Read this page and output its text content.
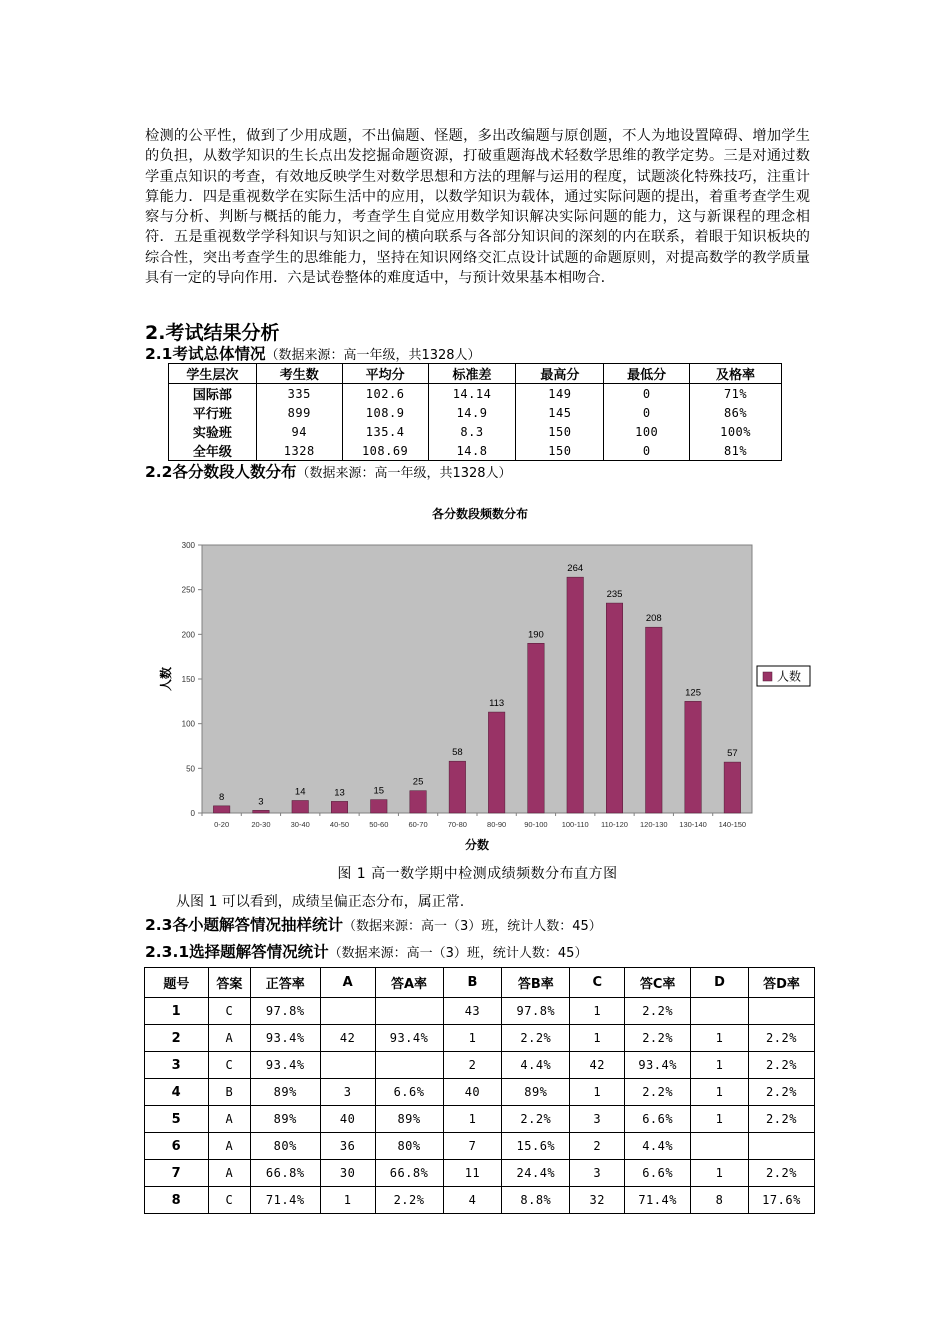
检测的公平性，做到了少用成题，不出偏题、怪题，多出改编题与原创题，不人为地设置障碍、增加学生的负担，从数学知识的生长点出发挖掘命题资源，打破重题海战术轻数学思维的教学定势。三是对通过数学重点知识的考查，有效地反映学生对数学思想和方法的理解与运用的程度，试题淡化特殊技巧，注重计算能力．四是重视数学在实际生活中的应用，以数学知识为载体，通过实际问题的提出，着重考查学生观察与分析、判断与概括的能力，考查学生自觉应用数学知识解决实际问题的能力，这与新课程的理念相符．五是重视数学学科知识与知识之间的横向联系与各部分知识间的深刻的内在联系，着眼于知识板块的综合性，突出考查学生的思维能力，坚持在知识网络交汇点设计试题的命题原则，对提高数学的教学质量具有一定的导向作用．六是试卷整体的难度适中，与预计效果基本相吻合.

2.考试结果分析
2.1考试总体情况（数据来源：高一年级，共1328人）
学生层次	考生数	平均分	标准差	最高分	最低分	及格率
国际部	335	102.6	14.14	149	0	71%
平行班	899	108.9	14.9	145	0	86%
实验班	94	135.4	8.3	150	100	100%
全年级	1328	108.69	14.8	150	0	81%
2.2各分数段人数分布（数据来源：高一年级，共1328人）
各分数段频数分布
0
50
100
150
200
250
300
8
0-20
3
20-30
14
30-40
13
40-50
15
50-60
25
60-70
58
70-80
113
80-90
190
90-100
264
100-110
235
110-120
208
120-130
125
130-140
57
140-150
分数
人数	人数
图 1 高一数学期中检测成绩频数分布直方图
从图 1 可以看到，成绩呈偏正态分布，属正常.
2.3各小题解答情况抽样统计（数据来源：高一（3）班，统计人数：45）
2.3.1选择题解答情况统计（数据来源：高一（3）班，统计人数：45）
题号	答案	正答率	A	答A率	B	答B率	C	答C率	D	答D率
1	C	97.8%			43	97.8%	1	2.2%		
2	A	93.4%	42	93.4%	1	2.2%	1	2.2%	1	2.2%
3	C	93.4%			2	4.4%	42	93.4%	1	2.2%
4	B	89%	3	6.6%	40	89%	1	2.2%	1	2.2%
5	A	89%	40	89%	1	2.2%	3	6.6%	1	2.2%
6	A	80%	36	80%	7	15.6%	2	4.4%		
7	A	66.8%	30	66.8%	11	24.4%	3	6.6%	1	2.2%
8	C	71.4%	1	2.2%	4	8.8%	32	71.4%	8	17.6%
